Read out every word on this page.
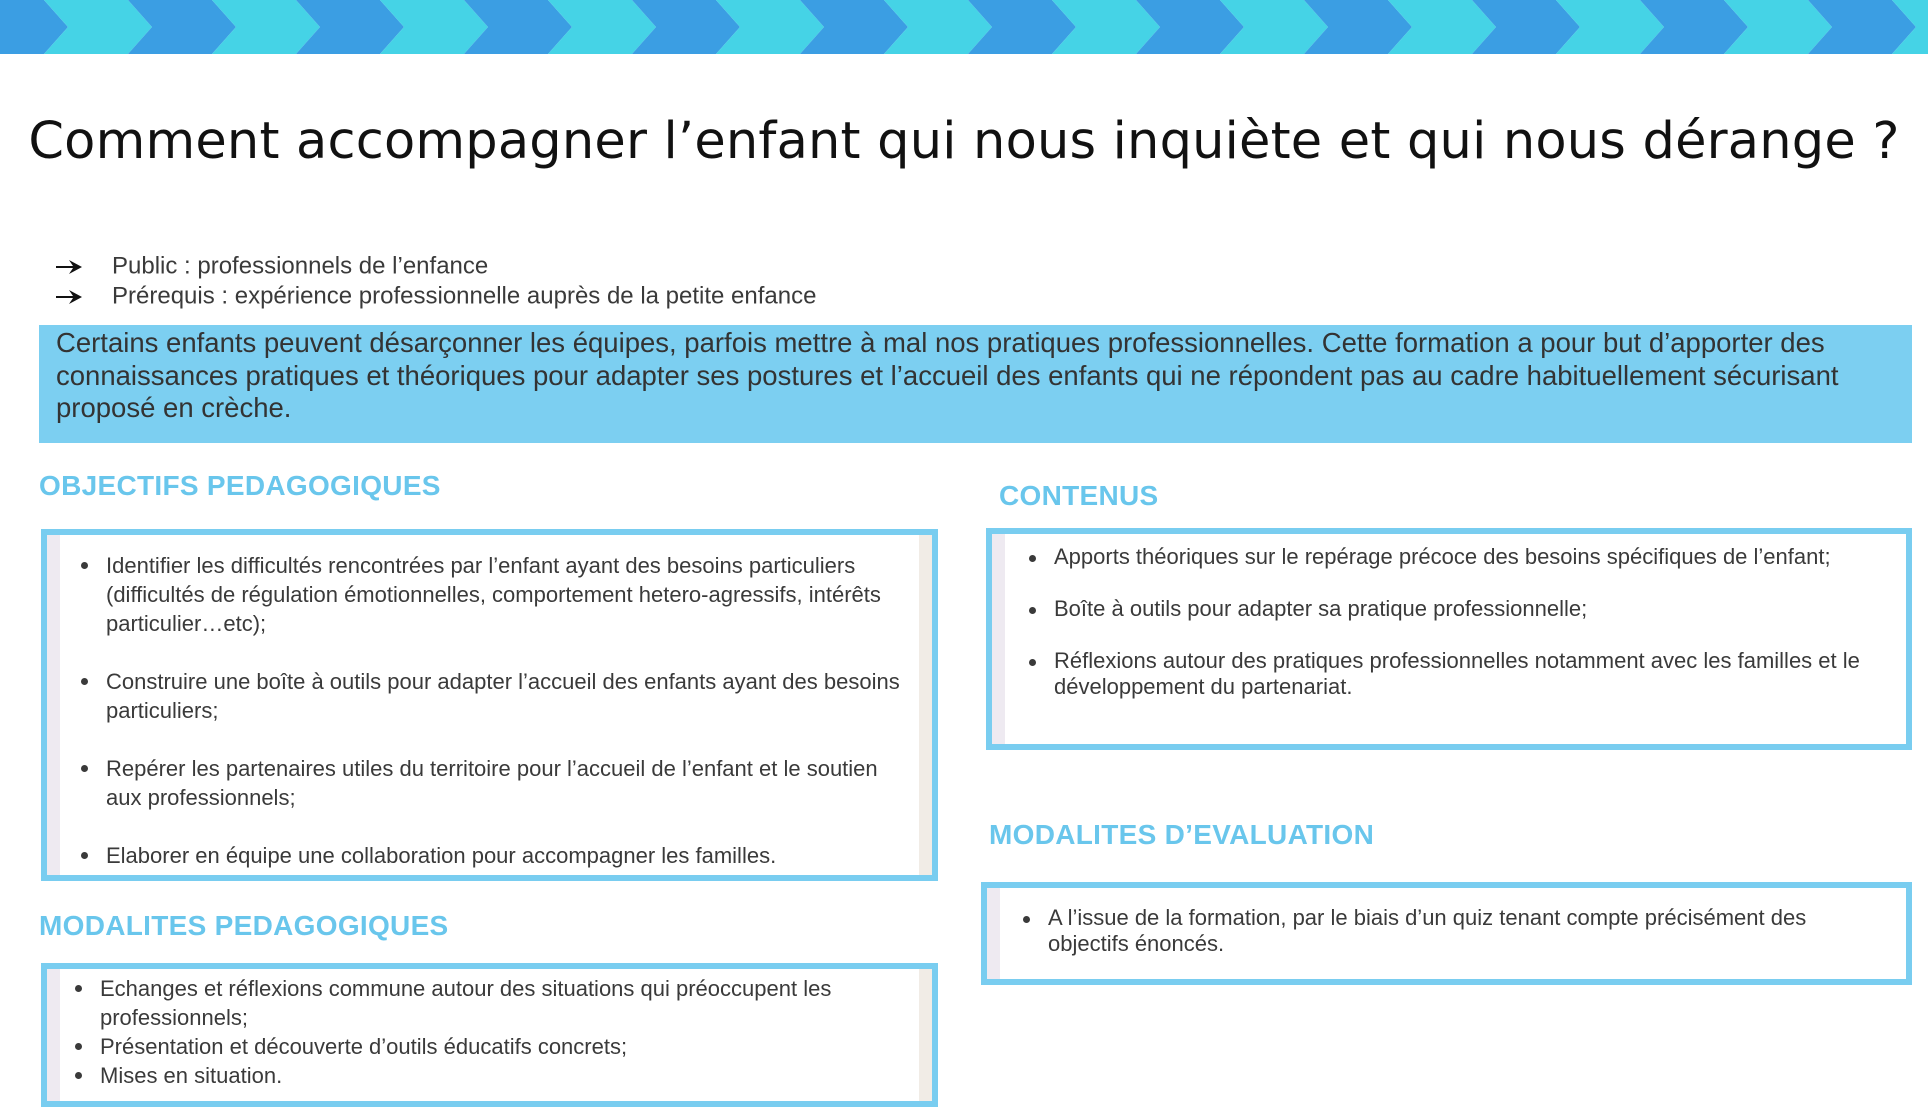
Comment accompagner l’enfant qui nous inquiète et qui nous dérange ?
Public : professionnels de l’enfance
Prérequis : expérience professionnelle auprès de la petite enfance
Certains enfants peuvent désarçonner les équipes, parfois mettre à mal nos pratiques professionnelles. Cette formation a pour but d’apporter des connaissances pratiques et théoriques pour adapter ses postures et l’accueil des enfants qui ne répondent pas au cadre habituellement sécurisant proposé en crèche.
OBJECTIFS PEDAGOGIQUES
Identifier les difficultés rencontrées par l’enfant ayant des besoins particuliers (difficultés de régulation émotionnelles, comportement hetero-agressifs, intérêts particulier…etc);
Construire une boîte à outils pour adapter l’accueil des enfants ayant des besoins particuliers;
Repérer les partenaires utiles du territoire pour l’accueil de l’enfant et le soutien aux professionnels;
Elaborer en équipe une collaboration pour accompagner les familles.
MODALITES PEDAGOGIQUES
Echanges et réflexions commune autour des situations qui préoccupent les professionnels;
Présentation et découverte d’outils éducatifs concrets;
Mises en situation.
CONTENUS
Apports théoriques sur le repérage précoce des besoins spécifiques de l’enfant;
Boîte à outils pour adapter sa pratique professionnelle;
Réflexions autour des pratiques professionnelles notamment avec les familles et le développement du partenariat.
MODALITES D’EVALUATION
A l’issue de la formation, par le biais d’un quiz tenant compte précisément des objectifs énoncés.
